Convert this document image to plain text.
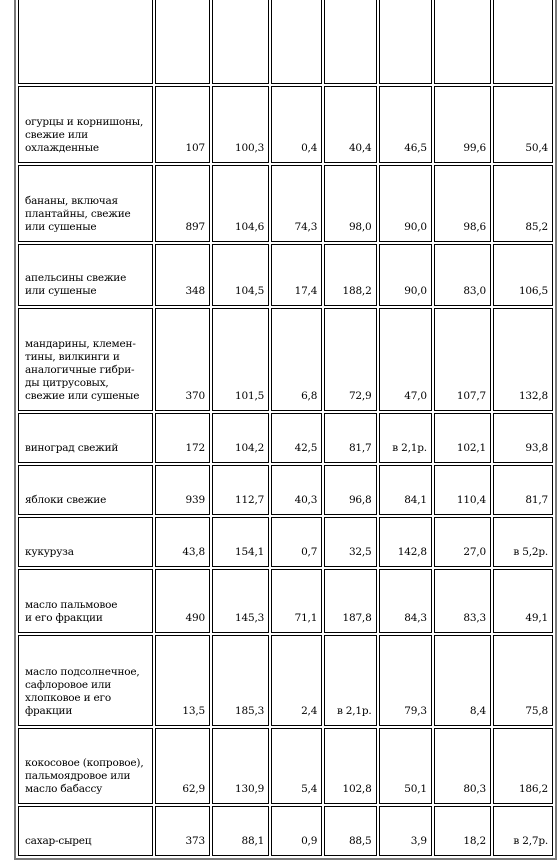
огурцы и корнишоны,
свежие или
охлажденные	107	100,3	0,4	40,4	46,5	99,6	50,4
бананы, включая
плантайны, свежие
или сушеные	897	104,6	74,3	98,0	90,0	98,6	85,2
апельсины свежие
или сушеные	348	104,5	17,4	188,2	90,0	83,0	106,5
мандарины, клемен-
тины, вилкинги и
аналогичные гибри-
ды цитрусовых,
свежие или сушеные	370	101,5	6,8	72,9	47,0	107,7	132,8
виноград свежий	172	104,2	42,5	81,7	в 2,1р.	102,1	93,8
яблоки свежие	939	112,7	40,3	96,8	84,1	110,4	81,7
кукуруза	43,8	154,1	0,7	32,5	142,8	27,0	в 5,2р.
масло пальмовое
и его фракции	490	145,3	71,1	187,8	84,3	83,3	49,1
масло подсолнечное,
сафлоровое или
хлопковое и его
фракции	13,5	185,3	2,4	в 2,1р.	79,3	8,4	75,8
кокосовое (копровое),
пальмоядровое или
масло бабассу	62,9	130,9	5,4	102,8	50,1	80,3	186,2
сахар-сырец	373	88,1	0,9	88,5	3,9	18,2	в 2,7р.
